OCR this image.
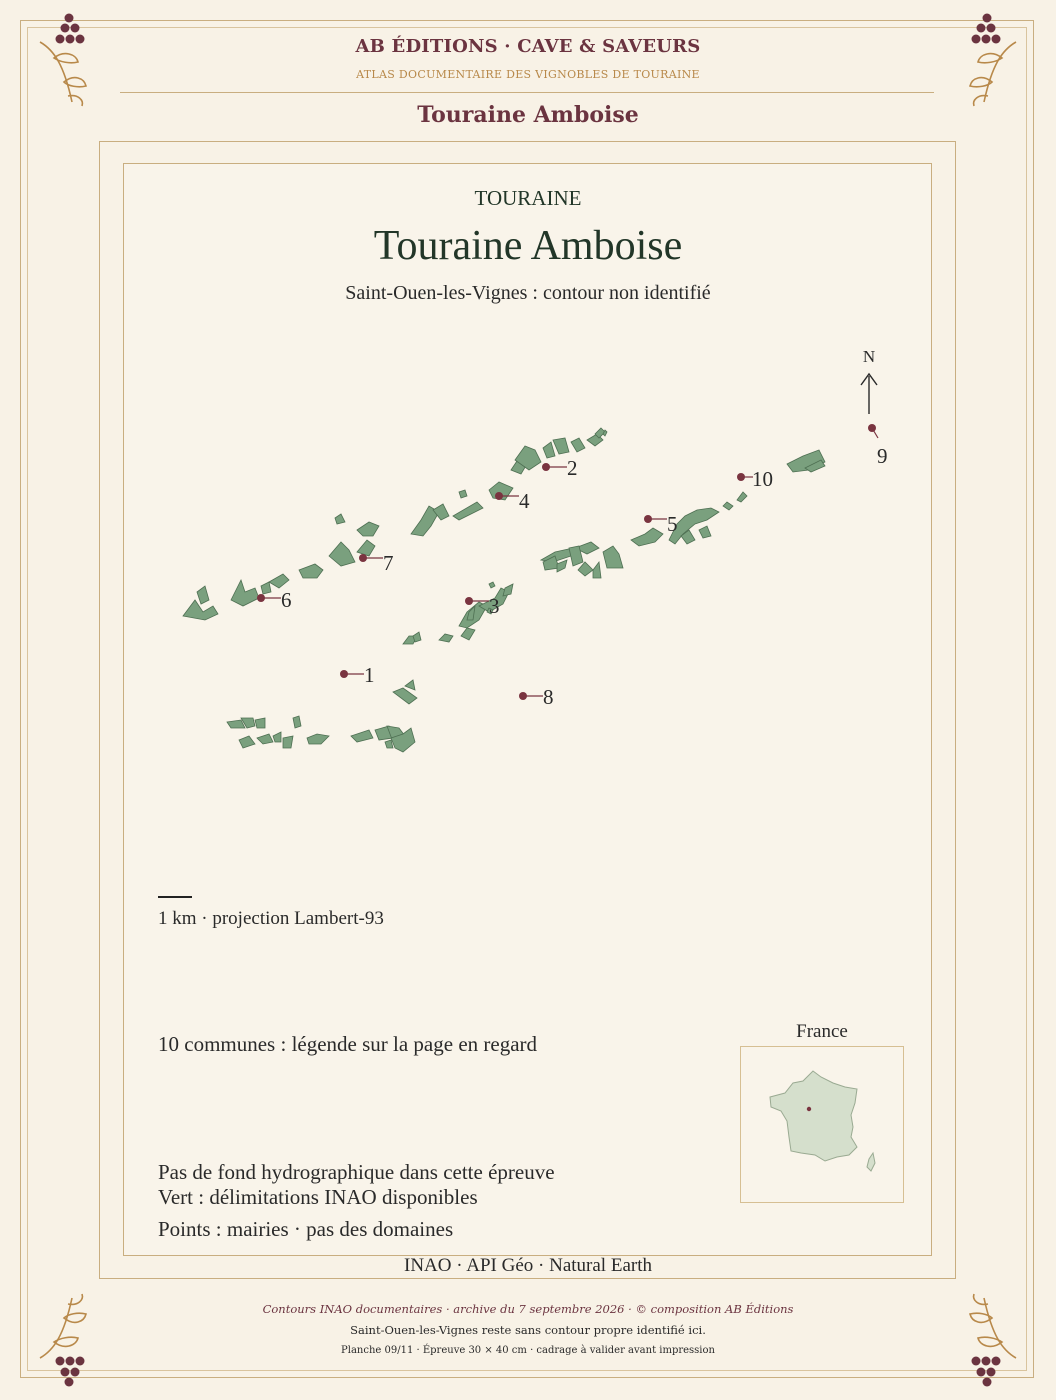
AB ÉDITIONS · CAVE & SAVEURS
ATLAS DOCUMENTAIRE DES VIGNOBLES DE TOURAINE
Touraine Amboise
TOURAINE
Touraine Amboise
Saint-Ouen-les-Vignes : contour non identifié
N
1
2
3
4
5
6
7
8
9
10
1 km · projection Lambert-93
10 communes : légende sur la page en regard
Pas de fond hydrographique dans cette épreuve
Vert : délimitations INAO disponibles
Points : mairies · pas des domaines
France
INAO · API Géo · Natural Earth
Contours INAO documentaires · archive du 7 septembre 2026 · © composition AB Éditions
Saint-Ouen-les-Vignes reste sans contour propre identifié ici.
Planche 09/11 · Épreuve 30 × 40 cm · cadrage à valider avant impression
